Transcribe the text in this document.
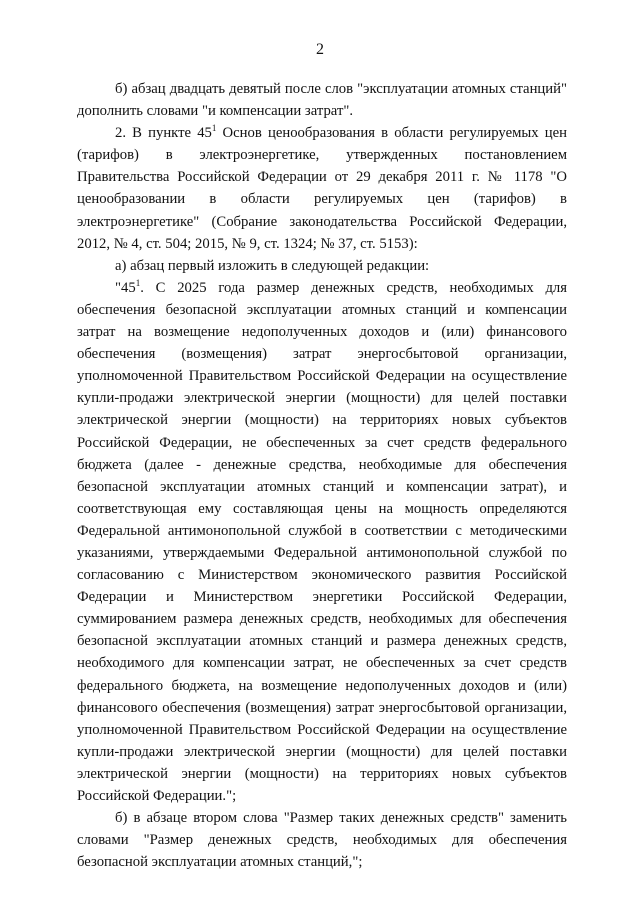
2

б) абзац двадцать девятый после слов "эксплуатации атомных станций" дополнить словами "и компенсации затрат".

2. В пункте $45^1$ Основ ценообразования в области регулируемых цен (тарифов) в электроэнергетике, утвержденных постановлением Правительства Российской Федерации от 29 декабря 2011 г. № 1178 "О ценообразовании в области регулируемых цен (тарифов) в электроэнергетике" (Собрание законодательства Российской Федерации, 2012, № 4, ст. 504; 2015, № 9, ст. 1324; № 37, ст. 5153):

а) абзац первый изложить в следующей редакции:

"$45^1$. С 2025 года размер денежных средств, необходимых для обеспечения безопасной эксплуатации атомных станций и компенсации затрат на возмещение недополученных доходов и (или) финансового обеспечения (возмещения) затрат энергосбытовой организации, уполномоченной Правительством Российской Федерации на осуществление купли-продажи электрической энергии (мощности) для целей поставки электрической энергии (мощности) на территориях новых субъектов Российской Федерации, не обеспеченных за счет средств федерального бюджета (далее - денежные средства, необходимые для обеспечения безопасной эксплуатации атомных станций и компенсации затрат), и соответствующая ему составляющая цены на мощность определяются Федеральной антимонопольной службой в соответствии с методическими указаниями, утверждаемыми Федеральной антимонопольной службой по согласованию с Министерством экономического развития Российской Федерации и Министерством энергетики Российской Федерации, суммированием размера денежных средств, необходимых для обеспечения безопасной эксплуатации атомных станций и размера денежных средств, необходимого для компенсации затрат, не обеспеченных за счет средств федерального бюджета, на возмещение недополученных доходов и (или) финансового обеспечения (возмещения) затрат энергосбытовой организации, уполномоченной Правительством Российской Федерации на осуществление купли-продажи электрической энергии (мощности) для целей поставки электрической энергии (мощности) на территориях новых субъектов Российской Федерации.";

б) в абзаце втором слова "Размер таких денежных средств" заменить словами "Размер денежных средств, необходимых для обеспечения безопасной эксплуатации атомных станций,";
